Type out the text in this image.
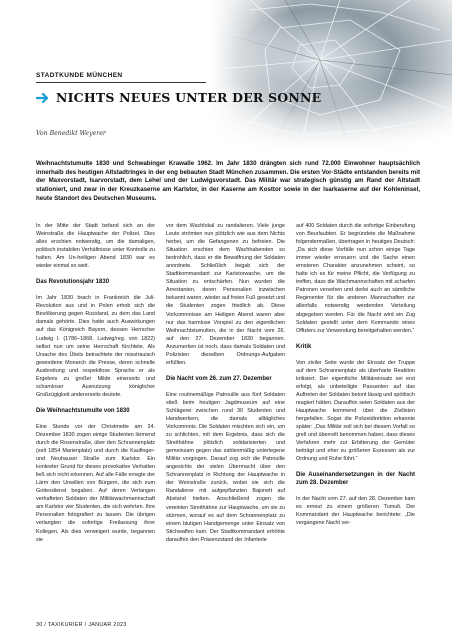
STADTKUNDE MÜNCHEN
NICHTS NEUES UNTER DER SONNE
Von Benedikt Weyerer
Weihnachtstumulte 1830 und Schwabinger Krawalle 1962. Im Jahr 1830 drängten sich rund 72.000 Einwohner hauptsächlich innerhalb des heutigen Altstadtringes in der eng bebauten Stadt München zusammen. Die ersten Vor-Städte entstanden bereits mit der Maxvorstadt, Isarvorstadt, dem Lehel und der Ludwigsvorstadt. Das Militär war strategisch günstig am Rand der Altstadt stationiert, und zwar in der Kreuzkaserne am Karlstor, in der Kaserne am Kosttor sowie in der Isarkaserne auf der Kohleninsel, heute Standort des Deutschen Museums.

In der Mitte der Stadt befand sich an der Weinstraße die Hauptwache der Polizei. Dies alles erschien notwendig, um die damaligen, politisch instabilen Verhältnisse unter Kontrolle zu halten. Am Un-heiligen Abend 1830 war es wieder einmal so weit.

Das Revolutionsjahr 1830

Im Jahr 1830 brach in Frankreich die Juli-Revolution aus und in Polen erhob sich die Bevölkerung gegen Russland, zu dem das Land damals gehörte. Dies hatte auch Auswirkungen auf das Königreich Bayern, dessen Herrscher Ludwig I. (1786–1868, Ludwig/reg. von 1822) selbst nun um seine Herrschaft fürchtete. Als Ursache des Übels betrachtete der misstrauisch gewordene Monarch die Presse, deren schnelle Ausbreitung und respektlose Sprache er als Ergebnis zu großer Milde einerseits und schamloser Ausnutzung königlicher Großzügigkeit andererseits deutete.

Die Weihnachtstumulte von 1830

Eine Stunde vor der Christmette am 24. Dezember 1830 zogen einige Studenten lärmend durch die Rosenstraße, über den Schrannenplatz (seit 1854 Marienplatz) und durch die Kaufinger- und Neuhauser Straße zum Karlstor. Ein konkreter Grund für dieses provokative Verhalten ließ sich nicht erkennen. Auf alle Fälle erregte der Lärm den Unwillen von Bürgern, die sich zum Gottesdienst begaben. Auf deren Verlangen verhafteten Soldaten der Militärwachmannschaft am Karlstor vier Studenten, die sich wehrten. Ihre Personalien fotografiert zu lassen. Die übrigen verlangten die sofortige Freilassung ihrer Kollegen. Als dies verweigert wurde, begannen sie

vor dem Wachlokal zu randalieren. Viele junge Leute strömten nun plötzlich wie aus dem Nichts herbei, um die Gefangenen zu befreien. Die Situation erschien dem Wachhabenden so bedrohlich, dass er die Bewaffnung der Soldaten anordnete. Schließlich begab sich der Stadtkommandant zur Karlstorwache, um die Situation zu entschärfen. Nun wurden die Arrestanten, deren Personalien inzwischen bekannt waren, wieder auf freien Fuß gesetzt und die Studenten zogen friedlich ab. Diese Vorkommnisse am Heiligen Abend waren aber nur das harmlose Vorspiel zu den eigentlichen Weihnachtstumulten, die in der Nacht vom 26. auf den 27. Dezember 1830 begannen. Anzumerken ist noch, dass damals Soldaten und Polizisten dieselben Ordnungs-Aufgaben erfüllten.

Die Nacht vom 26. zum 27. Dezember

Eine routinemäßige Patrouille aus fünf Soldaten stieß beim heutigen Jagdmuseum auf eine Schlägerei zwischen rund 30 Studenten und Handwerkern, die damals alltägliches Vorkommnis. Die Soldaten mischten sich ein, um zu schlichten, mit dem Ergebnis, dass sich die Streithähne plötzlich solidarisierten und gemeinsam gegen das zahlenmäßig unterlegene Militär vorgingen. Darauf zog sich die Patrouille angesichts der vielen Übermacht über den Schrannenplatz in Richtung der Hauptwache in der Weinstraße zurück, wobei sie sich die Randalierer mit aufgepflanzten Bajonett auf Abstand hielten. Anschließend zogen die vereinten Streithähne zur Hauptwache, um sie zu stürmen, worauf es auf dem Schrannenplatz zu einem blutigen Handgemenge unter Einsatz von Stichwaffen kam. Der Stadtkommandant erhöhte daraufhin den Präsenzstand der Infanterie

auf 400 Soldaten durch die sofortige Einberufung von Beurlaubten. Er begründete die Maßnahme folgendermaßen, übertragen in heutiges Deutsch: „Da sich diese Vorfälle nun schon einige Tage immer wieder erneuern und die Sache einen ernsteren Charakter anzunehmen scheint, so halte ich es für meine Pflicht, die Verfügung zu treffen, dass die Wachmannschaften mit scharfen Patronen versehen und derlei auch an sämtliche Regimenter für die anderen Mannschaften zur allenfalls notwendig werdenden Verteilung abgegeben werden. Für die Nacht wird ein Zug Soldaten gestellt unter dem Kommando eines Offiziers zur Verwendung bereitgehalten werden.“

Kritik

Von ziviler Seite wurde der Einsatz der Truppe auf dem Schrannenplatz als überharte Reaktion kritisiert. Der eigentliche Militäreinsatz sei erst erfolgt, als unbeteiligte Passanten auf das Auftreten der Soldaten betont lässig und spöttisch reagiert hätten. Daraufhin seien Soldaten aus der Hauptwache kommend über die Zivilisten hergefallen. Sogar die Polizeidirektion erkannte später: „Das Militär soll sich bei diesem Vorfall so grell und überreilt benommen haben, dass dieses Verfahren mehr zur Erbitterung der Gemüter beiträgt und eher zu größeren Exzessen als zur Ordnung und Ruhe führt.“

Die Auseinandersetzungen in der Nacht zum 28. Dezember

In der Nacht vom 27. auf den 28. Dezember kam es erneut zu einem größeren Tumult. Der Kommandant der Hauptwache berichtete: „Die vergangene Nacht ver-

30 / TAXIKURIER / JANUAR 2023
